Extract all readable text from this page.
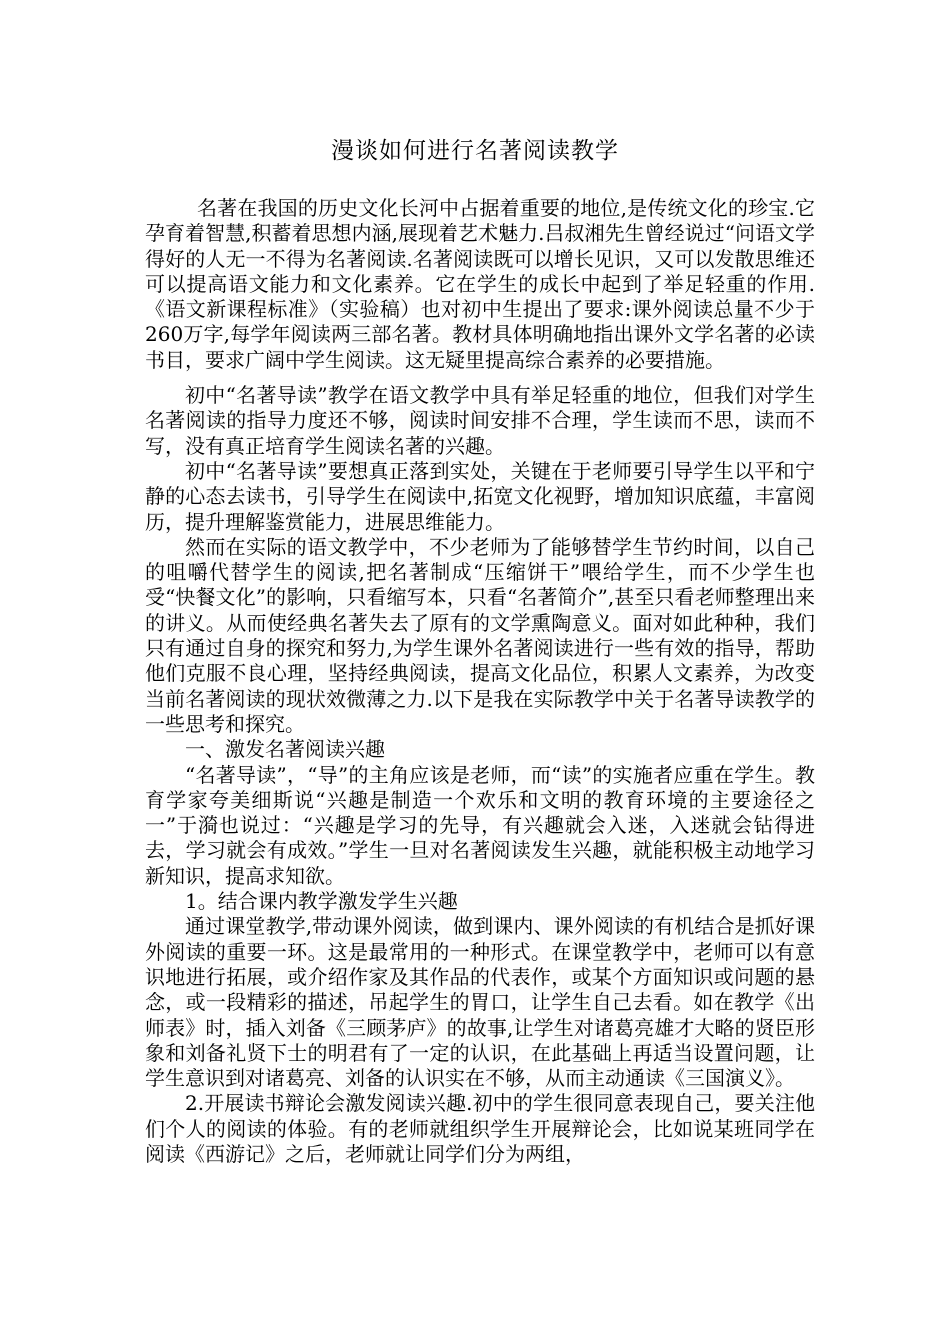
漫谈如何进行名著阅读教学

名著在我国的历史文化长河中占据着重要的地位,是传统文化的珍宝.它孕育着智慧,积蓄着思想内涵,展现着艺术魅力.吕叔湘先生曾经说过“问语文学得好的人无一不得为名著阅读.名著阅读既可以增长见识，又可以发散思维还可以提高语文能力和文化素养。它在学生的成长中起到了举足轻重的作用.《语文新课程标准》（实验稿）也对初中生提出了要求:课外阅读总量不少于260万字,每学年阅读两三部名著。教材具体明确地指出课外文学名著的必读书目，要求广阔中学生阅读。这无疑里提高综合素养的必要措施。

初中“名著导读”教学在语文教学中具有举足轻重的地位，但我们对学生名著阅读的指导力度还不够，阅读时间安排不合理，学生读而不思，读而不写，没有真正培育学生阅读名著的兴趣。

初中“名著导读”要想真正落到实处，关键在于老师要引导学生以平和宁静的心态去读书，引导学生在阅读中,拓宽文化视野，增加知识底蕴，丰富阅历，提升理解鉴赏能力，进展思维能力。

然而在实际的语文教学中，不少老师为了能够替学生节约时间，以自己的咀嚼代替学生的阅读,把名著制成“压缩饼干”喂给学生，而不少学生也受“快餐文化”的影响，只看缩写本，只看“名著简介”,甚至只看老师整理出来的讲义。从而使经典名著失去了原有的文学熏陶意义。面对如此种种，我们只有通过自身的探究和努力,为学生课外名著阅读进行一些有效的指导，帮助他们克服不良心理，坚持经典阅读，提高文化品位，积累人文素养，为改变当前名著阅读的现状效微薄之力.以下是我在实际教学中关于名著导读教学的一些思考和探究。

一、激发名著阅读兴趣

“名著导读”，“导”的主角应该是老师，而“读”的实施者应重在学生。教育学家夸美细斯说“兴趣是制造一个欢乐和文明的教育环境的主要途径之一”于漪也说过：“兴趣是学习的先导，有兴趣就会入迷，入迷就会钻得进去，学习就会有成效。”学生一旦对名著阅读发生兴趣，就能积极主动地学习新知识，提高求知欲。

1。结合课内教学激发学生兴趣

通过课堂教学,带动课外阅读，做到课内、课外阅读的有机结合是抓好课外阅读的重要一环。这是最常用的一种形式。在课堂教学中，老师可以有意识地进行拓展，或介绍作家及其作品的代表作，或某个方面知识或问题的悬念，或一段精彩的描述，吊起学生的胃口，让学生自己去看。如在教学《出师表》时，插入刘备《三顾茅庐》的故事,让学生对诸葛亮雄才大略的贤臣形象和刘备礼贤下士的明君有了一定的认识，在此基础上再适当设置问题，让学生意识到对诸葛亮、刘备的认识实在不够，从而主动通读《三国演义》。

2.开展读书辩论会激发阅读兴趣.初中的学生很同意表现自己，要关注他们个人的阅读的体验。有的老师就组织学生开展辩论会，比如说某班同学在阅读《西游记》之后，老师就让同学们分为两组，
